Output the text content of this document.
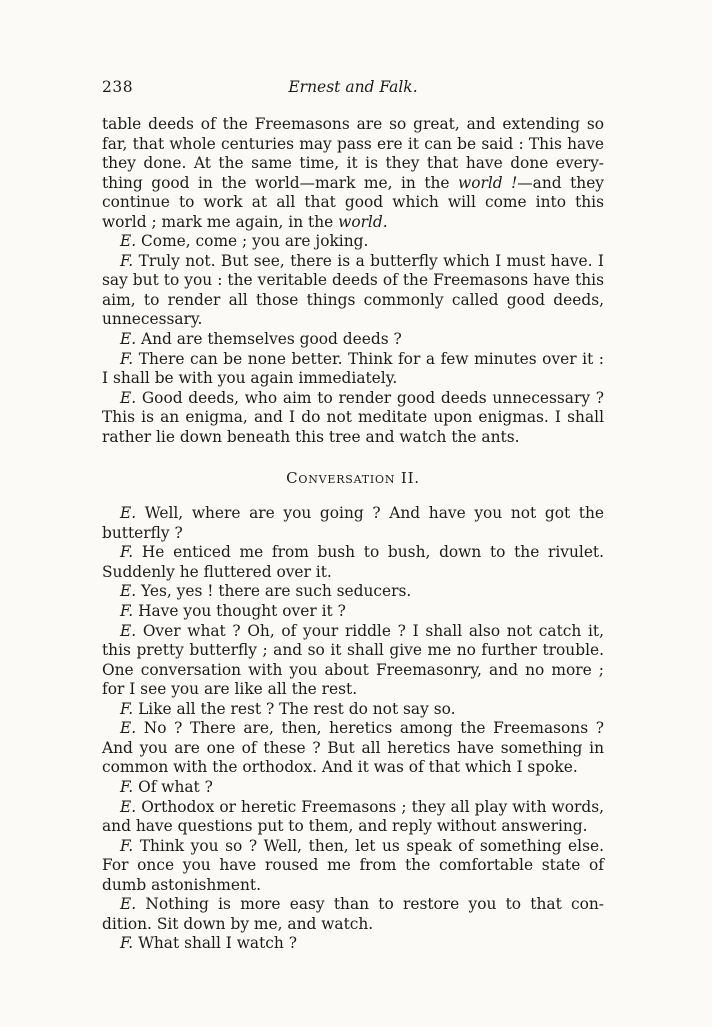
238	Ernest and Falk.

table deeds of the Freemasons are so great, and extending so far, that whole centuries may pass ere it can be said : This have they done. At the same time, it is they that have done every-thing good in the world—mark me, in the world !—and they continue to work at all that good which will come into this world ; mark me again, in the world.

E. Come, come ; you are joking.

F. Truly not. But see, there is a butterfly which I must have. I say but to you : the veritable deeds of the Freemasons have this aim, to render all those things commonly called good deeds, unnecessary.

E. And are themselves good deeds ?

F. There can be none better. Think for a few minutes over it : I shall be with you again immediately.

E. Good deeds, who aim to render good deeds unnecessary ? This is an enigma, and I do not meditate upon enigmas. I shall rather lie down beneath this tree and watch the ants.

Conversation II.

E. Well, where are you going ? And have you not got the butterfly ?

F. He enticed me from bush to bush, down to the rivulet. Suddenly he fluttered over it.

E. Yes, yes ! there are such seducers.

F. Have you thought over it ?

E. Over what ? Oh, of your riddle ? I shall also not catch it, this pretty butterfly ; and so it shall give me no further trouble. One conversation with you about Freemasonry, and no more ; for I see you are like all the rest.

F. Like all the rest ? The rest do not say so.

E. No ? There are, then, heretics among the Freemasons ? And you are one of these ? But all heretics have something in common with the orthodox. And it was of that which I spoke.

F. Of what ?

E. Orthodox or heretic Freemasons ; they all play with words, and have questions put to them, and reply without answering.

F. Think you so ? Well, then, let us speak of something else. For once you have roused me from the comfortable state of dumb astonishment.

E. Nothing is more easy than to restore you to that con-dition. Sit down by me, and watch.

F. What shall I watch ?
